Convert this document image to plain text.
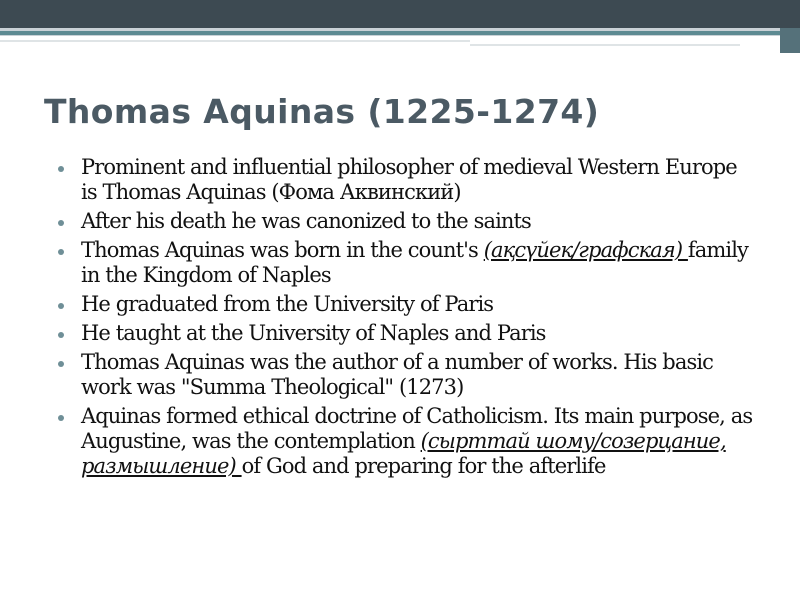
Thomas Aquinas (1225-1274)
Prominent and influential philosopher of medieval Western Europe is Thomas Aquinas (Фома Аквинский)
After his death he was canonized to the saints
Thomas Aquinas was born in the count's (ақсүйек/графская) family in the Kingdom of Naples
He graduated from the University of Paris
He taught at the University of Naples and Paris
Thomas Aquinas was the author of a number of works. His basic work was "Summa Theological" (1273)
Aquinas formed ethical doctrine of Catholicism. Its main purpose, as Augustine, was the contemplation (сырттай шому/созерцание, размышление) of God and preparing for the afterlife
